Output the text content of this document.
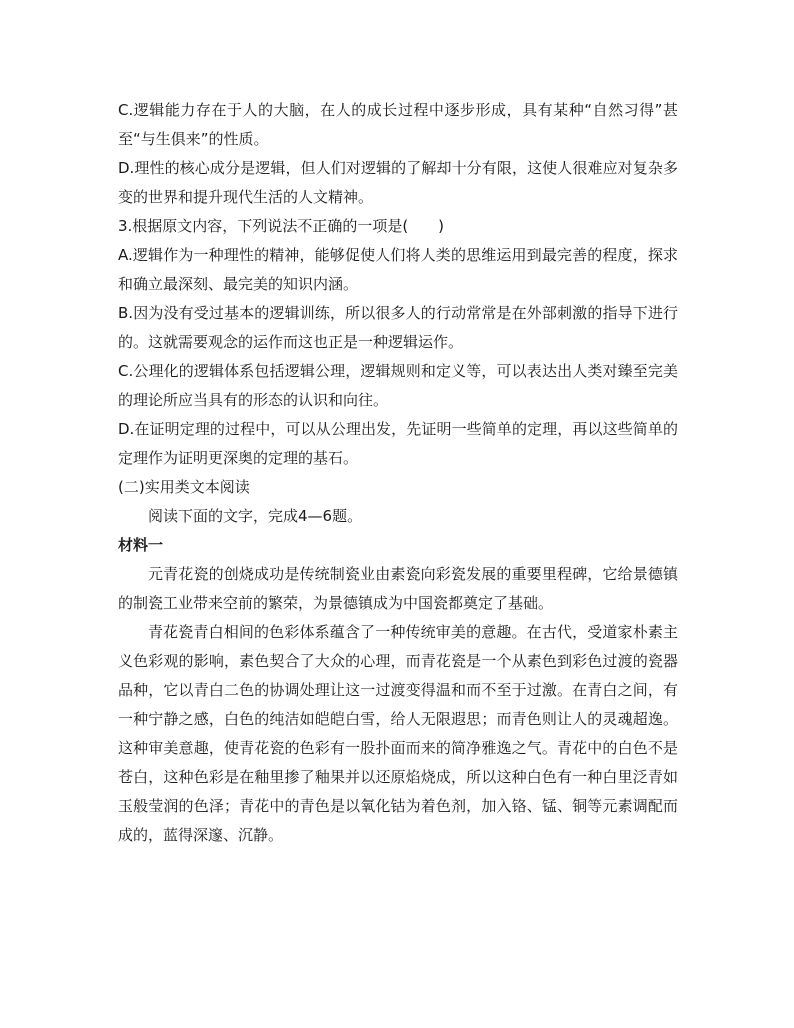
C.逻辑能力存在于人的大脑，在人的成长过程中逐步形成，具有某种“自然习得”甚至“与生俱来”的性质。

D.理性的核心成分是逻辑，但人们对逻辑的了解却十分有限，这使人很难应对复杂多变的世界和提升现代生活的人文精神。

3.根据原文内容，下列说法不正确的一项是(　　)

A.逻辑作为一种理性的精神，能够促使人们将人类的思维运用到最完善的程度，探求和确立最深刻、最完美的知识内涵。

B.因为没有受过基本的逻辑训练，所以很多人的行动常常是在外部刺激的指导下进行的。这就需要观念的运作而这也正是一种逻辑运作。

C.公理化的逻辑体系包括逻辑公理，逻辑规则和定义等，可以表达出人类对臻至完美的理论所应当具有的形态的认识和向往。

D.在证明定理的过程中，可以从公理出发，先证明一些简单的定理，再以这些简单的定理作为证明更深奥的定理的基石。

(二)实用类文本阅读

阅读下面的文字，完成4—6题。

材料一

元青花瓷的创烧成功是传统制瓷业由素瓷向彩瓷发展的重要里程碑，它给景德镇的制瓷工业带来空前的繁荣，为景德镇成为中国瓷都奠定了基础。

青花瓷青白相间的色彩体系蕴含了一种传统审美的意趣。在古代，受道家朴素主义色彩观的影响，素色契合了大众的心理，而青花瓷是一个从素色到彩色过渡的瓷器品种，它以青白二色的协调处理让这一过渡变得温和而不至于过激。在青白之间，有一种宁静之感，白色的纯洁如皑皑白雪，给人无限遐思；而青色则让人的灵魂超逸。这种审美意趣，使青花瓷的色彩有一股扑面而来的简净雅逸之气。青花中的白色不是苍白，这种色彩是在釉里掺了釉果并以还原焰烧成，所以这种白色有一种白里泛青如玉般莹润的色泽；青花中的青色是以氧化钴为着色剂，加入铬、锰、铜等元素调配而成的，蓝得深邃、沉静。
